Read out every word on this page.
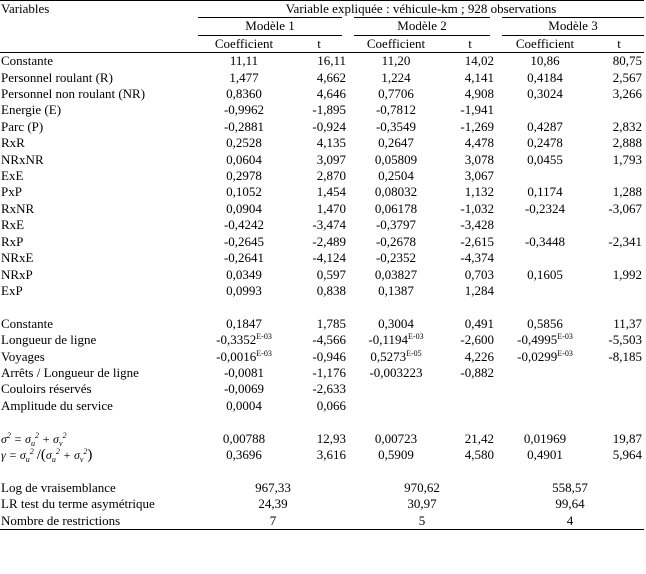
Variables	Variable expliquée : véhicule-km ; 928 observations					
	Modèle 1		Modèle 2		Modèle 3	
	Coefficient	t	Coefficient	t	Coefficient	t
Constante	11,11	16,11	11,20	14,02	10,86	80,75
Personnel roulant (R)	1,477	4,662	1,224	4,141	0,4184	2,567
Personnel non roulant (NR)	0,8360	4,646	0,7706	4,908	0,3024	3,266
Energie (E)	-0,9962	-1,895	-0,7812	-1,941		
Parc (P)	-0,2881	-0,924	-0,3549	-1,269	0,4287	2,832
RxR	0,2528	4,135	0,2647	4,478	0,2478	2,888
NRxNR	0,0604	3,097	0,05809	3,078	0,0455	1,793
ExE	0,2978	2,870	0,2504	3,067		
PxP	0,1052	1,454	0,08032	1,132	0,1174	1,288
RxNR	0,0904	1,470	0,06178	-1,032	-0,2324	-3,067
RxE	-0,4242	-3,474	-0,3797	-3,428		
RxP	-0,2645	-2,489	-0,2678	-2,615	-0,3448	-2,341
NRxE	-0,2641	-4,124	-0,2352	-4,374		
NRxP	0,0349	0,597	0,03827	0,703	0,1605	1,992
ExP	0,0993	0,838	0,1387	1,284		

Constante	0,1847	1,785	0,3004	0,491	0,5856	11,37
Longueur de ligne	$-0,3352^{E-03}$	-4,566	$-0,1194^{E-03}$	-2,600	$-0,4995^{E-03}$	-5,503
Voyages	$-0,0016^{E-03}$	-0,946	$0,5273^{E-05}$	4,226	$-0,0299^{E-03}$	-8,185
Arrêts / Longueur de ligne	-0,0081	-1,176	-0,003223	-0,882		
Couloirs réservés	-0,0069	-2,633				
Amplitude du service	0,0004	0,066				

$\sigma^2 = \sigma_u^2 + \sigma_v^2$	0,00788	12,93	0,00723	21,42	0,01969	19,87
$\gamma = \sigma_u^2$ $/(\sigma_u^2 + \sigma_v^2)$	0,3696	3,616	0,5909	4,580	0,4901	5,964

Log de vraisemblance	967,33		970,62		558,57	
LR test du terme asymétrique	24,39		30,97		99,64	
Nombre de restrictions	7		5		4	
